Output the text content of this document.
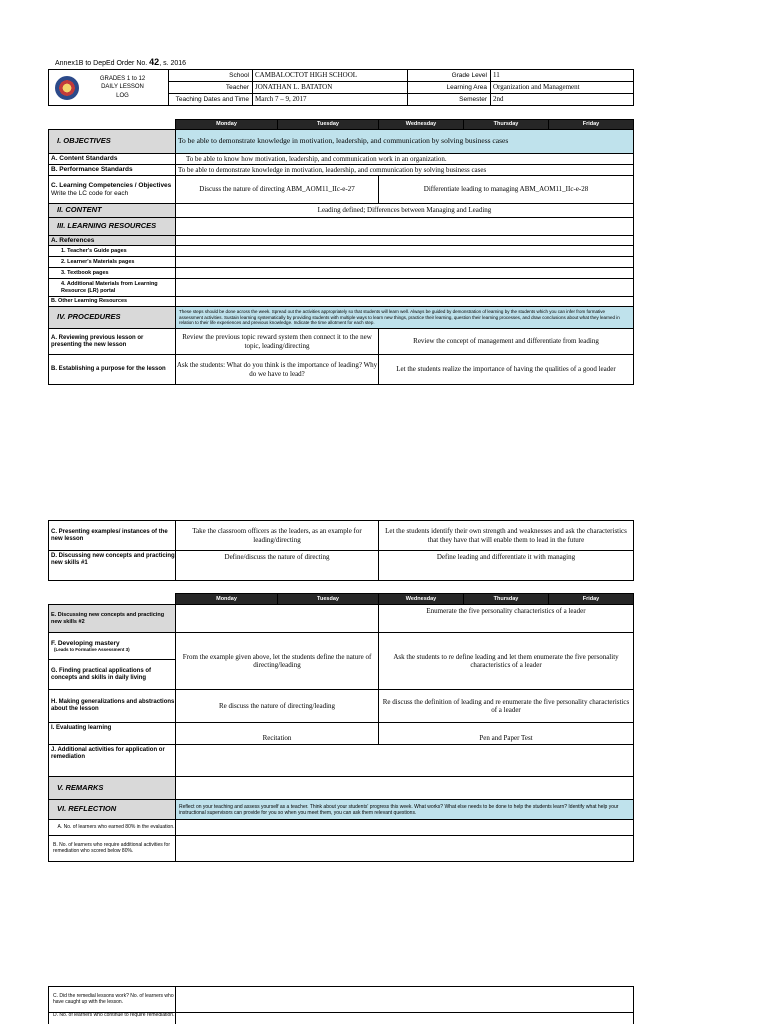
Annex1B to DepEd Order No. 42, s. 2016
GRADES 1 to 12
DAILY LESSON
LOG	School	CAMBALOCTOT HIGH SCHOOL	Grade Level	11
	Teacher	JONATHAN L. BATATON	Learning Area	Organization and Management
	Teaching Dates and Time	March 7 – 9, 2017	Semester	2nd
	Monday	Tuesday	Wednesday	Thursday	Friday
I. OBJECTIVES	To be able to demonstrate knowledge in motivation, leadership, and communication by solving business cases				
A. Content Standards	To be able to know how motivation, leadership, and communication work in an organization.				
B. Performance Standards	To be able to demonstrate knowledge in motivation, leadership, and communication by solving business cases				
C. Learning Competencies / Objectives Write the LC code for each	Discuss the nature of directing ABM_AOM11_IIc-e-27		Differentiate leading to managing ABM_AOM11_IIc-e-28		
II. CONTENT	Leading defined; Differences between Managing and Leading				
III. LEARNING RESOURCES					
A. References					
1. Teacher's Guide pages					
2. Learner's Materials pages					
3. Textbook pages					
4. Additional Materials from Learning Resource (LR) portal					
B. Other Learning Resources					
IV. PROCEDURES	These steps should be done across the week. Spread out the activities appropriately so that students will learn well. Always be guided by demonstration of learning by the students which you can infer from formative assessment activities. Sustain learning systematically by providing students with multiple ways to learn new things, practice their learning, question their learning processes, and draw conclusions about what they learned in relation to their life experiences and previous knowledge. Indicate the time allotment for each step.				
A. Reviewing previous lesson or presenting the new lesson	Review the previous topic reward system then connect it to the new topic, leading/directing		Review the concept of management and differentiate from leading		
B. Establishing a purpose for the lesson	Ask the students: What do you think is the importance of leading? Why do we have to lead?		Let the students realize the importance of having the qualities of a good leader		
C. Presenting examples/ instances of the new lesson	Take the classroom officers as the leaders, as an example for leading/directing	Let the students identify their own strength and weaknesses and ask the characteristics that they have that will enable them to lead in the future
D. Discussing new concepts and practicing new skills #1	Define/discuss the nature of directing	Define leading and differentiate it with managing
	Monday	Tuesday	Wednesday	Thursday	Friday
E. Discussing new concepts and practicing new skills #2			Enumerate the five personality characteristics of a leader		

F. Developing mastery
(Leads to Formative Assessment 3)	From the example given above, let the students define the nature of directing/leading		Ask the students to re define leading and let them enumerate the five personality characteristics of a leader		
G. Finding practical applications of concepts and skills in daily living					
H. Making generalizations and abstractions about the lesson	Re discuss the nature of directing/leading		Re discuss the definition of leading and re enumerate the five personality characteristics of a leader		
I. Evaluating learning	Recitation		Pen and Paper Test		
J. Additional activities for application or remediation					
V. REMARKS					
VI. REFLECTION	Reflect on your teaching and assess yourself as a teacher. Think about your students' progress this week. What works? What else needs to be done to help the students learn? Identify what help your instructional supervisors can provide for you so when you meet them, you can ask them relevant questions.				
A. No. of learners who earned 80% in the evaluation.					
B. No. of learners who require additional activities for remediation who scored below 80%.					
C. Did the remedial lessons work? No. of learners who have caught up with the lesson.	
D. No. of learners who continue to require remediation.	
